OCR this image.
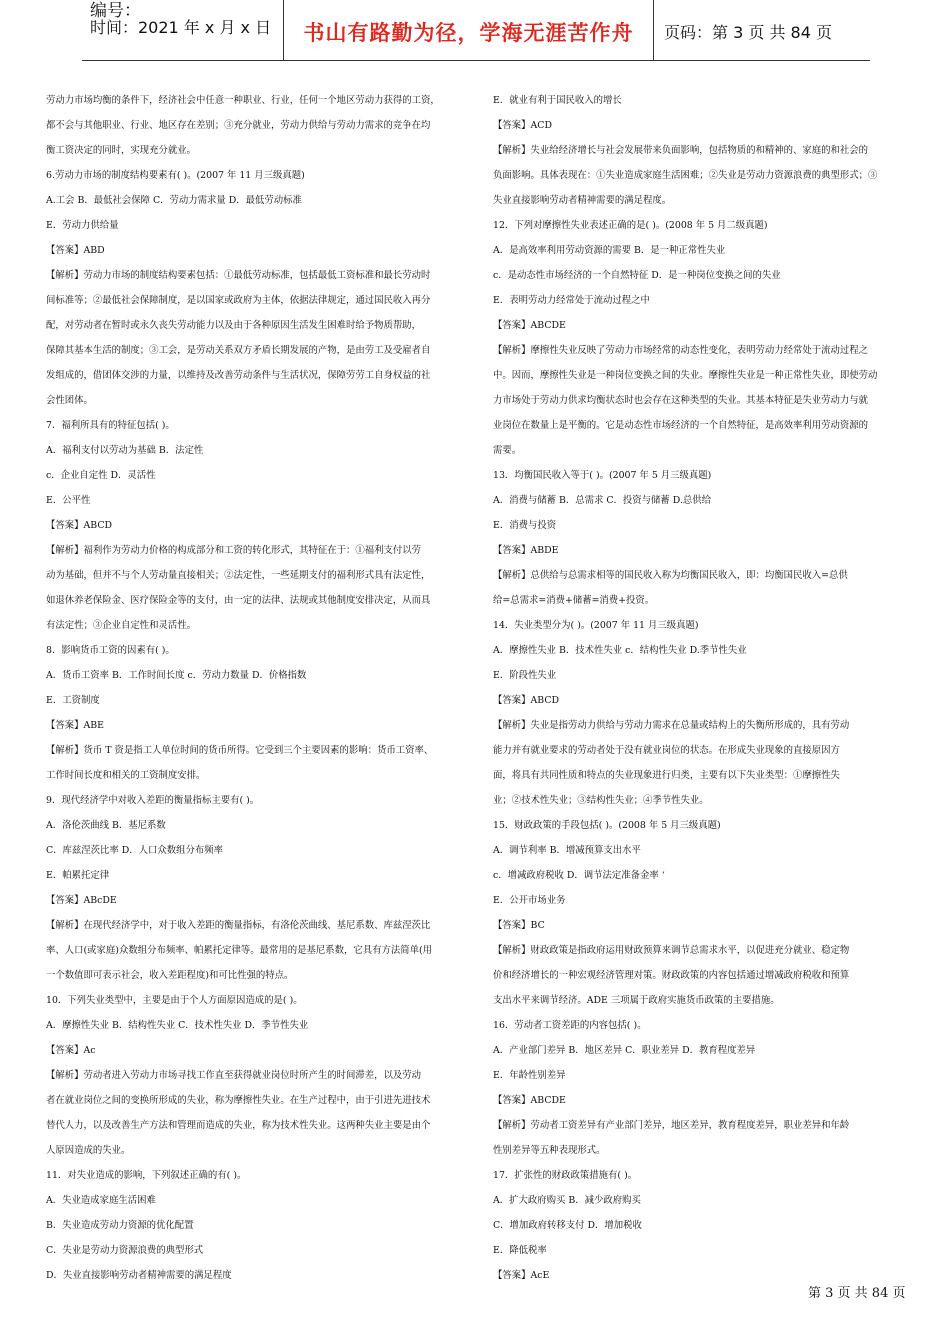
编号：
时间：2021 年 x 月 x 日	书山有路勤为径，学海无涯苦作舟	页码：第 3 页 共 84 页

劳动力市场均衡的条件下，经济社会中任意一种职业、行业，任何一个地区劳动力获得的工资，

都不会与其他职业、行业、地区存在差别；③充分就业，劳动力供给与劳动力需求的竞争在均

衡工资决定的同时，实现充分就业。

6.劳动力市场的制度结构要素有( )。(2007 年 11 月三级真题)

A.工会 B．最低社会保障 C．劳动力需求量 D．最低劳动标准

E．劳动力供给量

【答案】ABD

【解析】劳动力市场的制度结构要素包括：①最低劳动标准，包括最低工资标准和最长劳动时

间标准等；②最低社会保障制度，是以国家或政府为主体，依据法律规定，通过国民收入再分

配，对劳动者在暂时或永久丧失劳动能力以及由于各种原因生活发生困难时给予物质帮助，

保障其基本生活的制度；③工会，是劳动关系双方矛盾长期发展的产物，是由劳工及受雇者自

发组成的，借团体交涉的力量，以维持及改善劳动条件与生活状况，保障劳劳工自身权益的社

会性团体。

7．福利所具有的特征包括( )。

A．福利支付以劳动为基础 B．法定性

c．企业自定性 D．灵活性

E．公平性

【答案】ABCD

【解析】福利作为劳动力价格的构成部分和工资的转化形式，其特征在于：①福利支付以劳

动为基础，但并不与个人劳动量直接相关；②法定性，一些延期支付的福利形式具有法定性，

如退休养老保险金、医疗保险金等的支付，由一定的法律、法规或其他制度安排决定，从而具

有法定性；③企业自定性和灵活性。

8．影响货币工资的因素有( )。

A．货币工资率 B．工作时间长度 c．劳动力数量 D．价格指数

E．工资制度

【答案】ABE

【解析】货币 T 资是指工人单位时间的货币所得。它受到三个主要因素的影响：货币工资率、

工作时间长度和相关的工资制度安排。

9．现代经济学中对收入差距的衡量指标主要有( )。

A．洛伦茨曲线 B．基尼系数

C．库兹涅茨比率 D．人口众数组分布频率

E．帕累托定律

【答案】ABcDE

【解析】在现代经济学中，对于收入差距的衡量指标，有洛伦茨曲线、基尼系数、库兹涅茨比

率、人口(或家庭)众数组分布频率、帕累托定律等。最常用的是基尼系数，它具有方法简单(用

一个数值即可表示社会，收入差距程度)和可比性强的特点。

10．下列失业类型中，主要是由于个人方面原因造成的是( )。

A．摩擦性失业 B．结构性失业 C．技术性失业 D．季节性失业

【答案】Ac

【解析】劳动者进入劳动力市场寻找工作直至获得就业岗位时所产生的时间滞差，以及劳动

者在就业岗位之间的变换所形成的失业，称为摩擦性失业。在生产过程中，由于引进先进技术

替代人力，以及改善生产方法和管理而造成的失业，称为技术性失业。这两种失业主要是由个

人原因造成的失业。

11．对失业造成的影响，下列叙述正确的有( )。

A．失业造成家庭生活困难

B．失业造成劳动力资源的优化配置

C．失业是劳动力资源浪费的典型形式

D．失业直接影响劳动者精神需要的满足程度

E．就业有利于国民收入的增长

【答案】ACD

【解析】失业给经济增长与社会发展带来负面影响，包括物质的和精神的、家庭的和社会的

负面影响。具体表现在：①失业造成家庭生活困难；②失业是劳动力资源浪费的典型形式；③

失业直接影响劳动者精神需要的满足程度。

12．下列对摩擦性失业表述正确的是( )。(2008 年 5 月二级真题)

A．是高效率利用劳动资源的需要 B．是一种正常性失业

c．是动态性市场经济的一个自然特征 D．是一种岗位变换之间的失业

E．表明劳动力经常处于流动过程之中

【答案】ABCDE

【解析】摩擦性失业反映了劳动力市场经常的动态性变化，表明劳动力经常处于流动过程之

中。因而，摩擦性失业是一种岗位变换之间的失业。摩擦性失业是一种正常性失业，即使劳动

力市场处于劳动力供求均衡状态时也会存在这种类型的失业。其基本特征是失业劳动力与就

业岗位在数量上是平衡的。它是动态性市场经济的一个自然特征，是高效率利用劳动资源的

需要。

13．均衡国民收入等于( )。(2007 年 5 月三级真题)

A．消费与储蓄 B．总需求 C．投资与储蓄 D.总供给

E．消费与投资

【答案】ABDE

【解析】总供给与总需求相等的国民收入称为均衡国民收入，即：均衡国民收入=总供

给=总需求=消费+储蓄=消费+投资。

14．失业类型分为( )。(2007 年 11 月三级真题)

A．摩擦性失业 B．技术性失业 c．结构性失业 D.季节性失业

E．阶段性失业

【答案】ABCD

【解析】失业是指劳动力供给与劳动力需求在总量或结构上的失衡所形成的，具有劳动

能力并有就业要求的劳动者处于没有就业岗位的状态。在形成失业现象的直接原因方

面，将具有共同性质和特点的失业现象进行归类，主要有以下失业类型：①摩擦性失

业；②技术性失业；③结构性失业；④季节性失业。

15．财政政策的手段包括( )。(2008 年 5 月三级真题)

A．调节利率 B．增减预算支出水平

c．增减政府税收 D．调节法定准备金率 ‘

E．公开市场业务

【答案】BC

【解析】财政政策是指政府运用财政预算来调节总需求水平，以促进充分就业、稳定物

价和经济增长的一种宏观经济管理对策。财政政策的内容包括通过增减政府税收和预算

支出水平来调节经济。ADE 三项属于政府实施货币政策的主要措施。

16．劳动者工资差距的内容包括( )。

A．产业部门差异 B．地区差异 C．职业差异 D．教育程度差异

E．年龄性别差异

【答案】ABCDE

【解析】劳动者工资差异有产业部门差异，地区差异，教育程度差异，职业差异和年龄

性别差异等五种表现形式。

17．扩张性的财政政策措施有( )。

A．扩大政府购买 B．减少政府购买

C．增加政府转移支付 D．增加税收

E．降低税率

【答案】AcE

第 3 页 共 84 页
